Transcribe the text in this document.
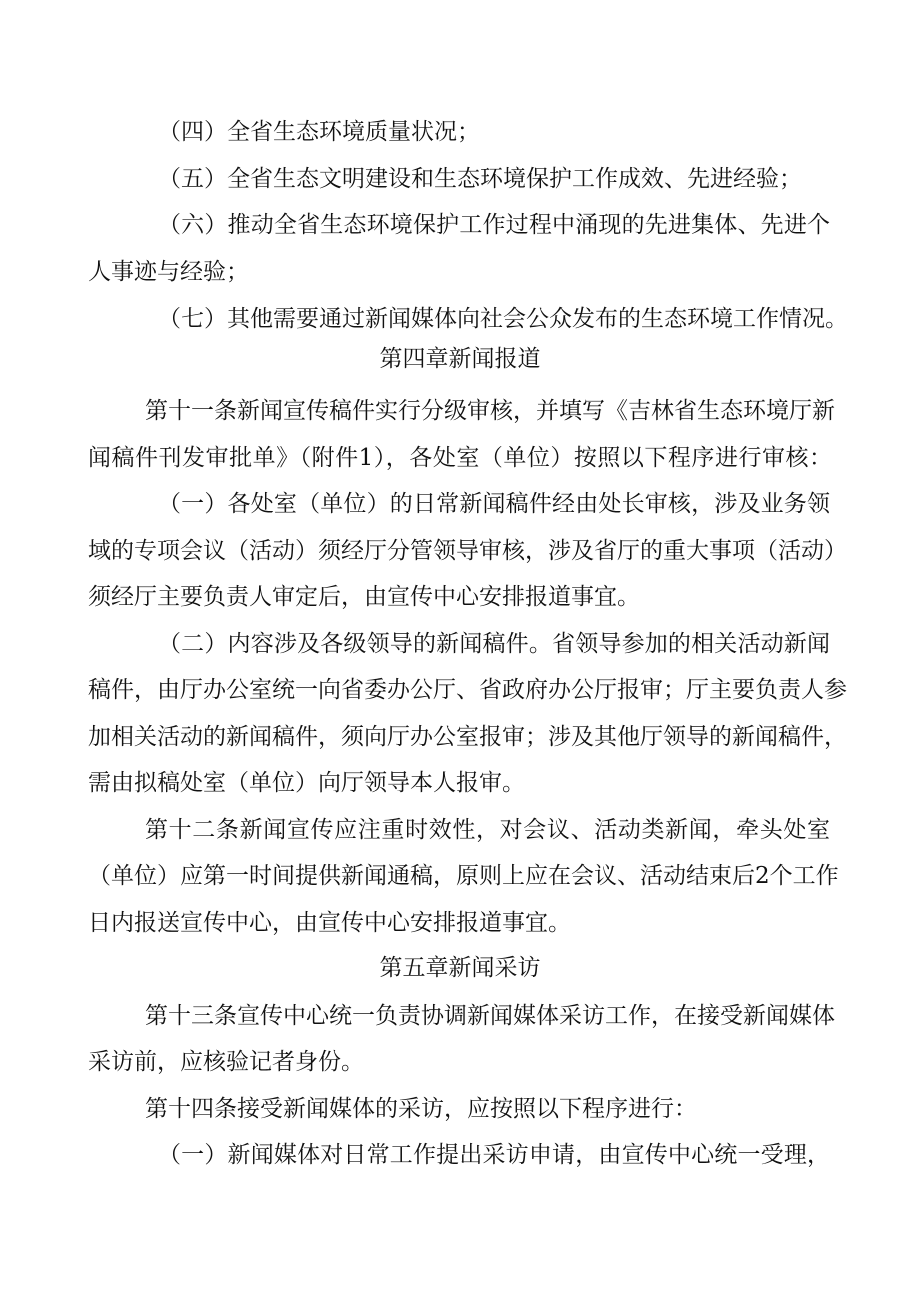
（四）全省生态环境质量状况；
（五）全省生态文明建设和生态环境保护工作成效、先进经验；
（六）推动全省生态环境保护工作过程中涌现的先进集体、先进个
人事迹与经验；
（七）其他需要通过新闻媒体向社会公众发布的生态环境工作情况。
第四章新闻报道
第十一条新闻宣传稿件实行分级审核，并填写《吉林省生态环境厅新
闻稿件刊发审批单》（附件1），各处室（单位）按照以下程序进行审核：
（一）各处室（单位）的日常新闻稿件经由处长审核，涉及业务领
域的专项会议（活动）须经厅分管领导审核，涉及省厅的重大事项（活动）
须经厅主要负责人审定后，由宣传中心安排报道事宜。
（二）内容涉及各级领导的新闻稿件。省领导参加的相关活动新闻
稿件，由厅办公室统一向省委办公厅、省政府办公厅报审；厅主要负责人参
加相关活动的新闻稿件，须向厅办公室报审；涉及其他厅领导的新闻稿件，
需由拟稿处室（单位）向厅领导本人报审。
第十二条新闻宣传应注重时效性，对会议、活动类新闻，牵头处室
（单位）应第一时间提供新闻通稿，原则上应在会议、活动结束后2个工作
日内报送宣传中心，由宣传中心安排报道事宜。
第五章新闻采访
第十三条宣传中心统一负责协调新闻媒体采访工作，在接受新闻媒体
采访前，应核验记者身份。
第十四条接受新闻媒体的采访，应按照以下程序进行：
（一）新闻媒体对日常工作提出采访申请，由宣传中心统一受理，
